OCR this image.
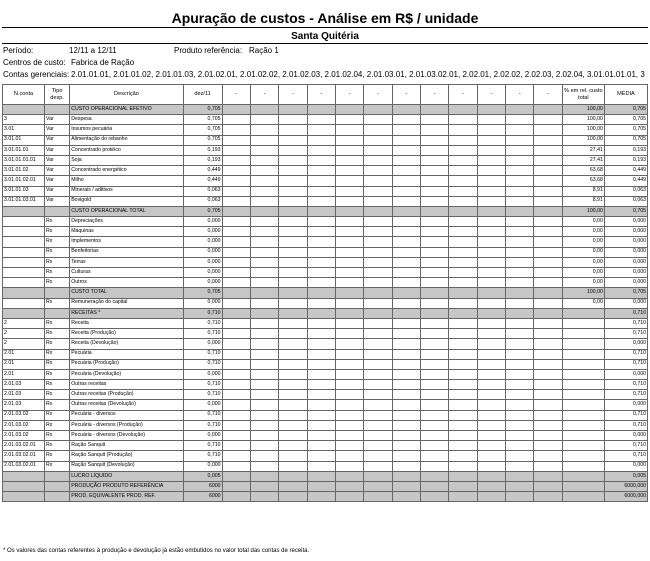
Apuração de custos - Análise em R$ / unidade
Santa Quitéria
Período:	12/11 a 12/11	Produto referência: Ração 1
Centros de custo: Fabrica de Ração
Contas gerenciais: 2.01.01.01, 2.01.01.02, 2.01.01.03, 2.01.02.01, 2.01.02.02, 2.01.02.03, 2.01.02.04, 2.01.03.01, 2.01.03.02.01, 2.02.01, 2.02.02, 2.02.03, 2.02.04, 3.01.01.01.01, 3
N.conta	Tipo desp.	Descrição	dez/11	-	-	-	-	-	-	-	-	-	-	-	-	% em rel. custo total	MÉDIA
		CUSTO OPERACIONAL EFETIVO	0,705													100,00	0,705
3	Var	Despesa	0,705													100,00	0,705
3.01	Var	Insumos pecuária	0,705													100,00	0,705
3.01.01	Var	Alimentação do rebanho	0,705													100,00	0,705
3.01.01.01	Var	Concentrado protéico	0,193													27,41	0,193
3.01.01.01.01	Var	Soja	0,193													27,41	0,193
3.01.01.02	Var	Concentrado energético	0,449													63,68	0,449
3.01.01.02.01	Var	Milho	0,449													63,68	0,449
3.01.01.03	Var	Minerais / aditivos	0,063													8,91	0,063
3.01.01.03.01	Var	Bovigold	0,063													8,91	0,063
		CUSTO OPERACIONAL TOTAL	0,705													100,00	0,705
	Rx	Depreciações	0,000													0,00	0,000
	Rx	Máquinas	0,000													0,00	0,000
	Rx	Implementos	0,000													0,00	0,000
	Rx	Benfeitorias	0,000													0,00	0,000
	Rx	Terras	0,000													0,00	0,000
	Rx	Culturas	0,000													0,00	0,000
	Rx	Outros	0,000													0,00	0,000
		CUSTO TOTAL	0,705													100,00	0,705
	Rx	Remuneração do capital	0,000													0,00	0,000
		RECEITAS *	0,710														0,710
2	Rx	Receita	0,710														0,710
2	Rx	Receita (Produção)	0,710														0,710
2	Rx	Receita (Devolução)	0,000														0,000
2.01	Rx	Pecuária	0,710														0,710
2.01	Rx	Pecuária (Produção)	0,710														0,710
2.01	Rx	Pecuária (Devolução)	0,000														0,000
2.01.03	Rx	Outras receitas	0,710														0,710
2.01.03	Rx	Outras receitas (Produção)	0,710														0,710
2.01.03	Rx	Outras receitas (Devolução)	0,000														0,000
2.01.03.02	Rx	Pecuária - diversos	0,710														0,710
2.01.03.02	Rx	Pecuária - diversos (Produção)	0,710														0,710
2.01.03.02	Rx	Pecuária - diversos (Devolução)	0,000														0,000
2.01.03.02.01	Rx	Ração Sanquit	0,710														0,710
2.01.03.02.01	Rx	Ração Sanquit (Produção)	0,710														0,710
2.01.03.02.01	Rx	Ração Sanquit (Devolução)	0,000														0,000
		LUCRO LÍQUIDO	0,005														0,005
		PRODUÇÃO PRODUTO REFERÊNCIA	6000														6000,000
		PROD. EQUIVALENTE PROD. REF.	6000														6000,000
* Os valores das contas referentes à produção e devolução já estão embutidos no valor total das contas de receita.
